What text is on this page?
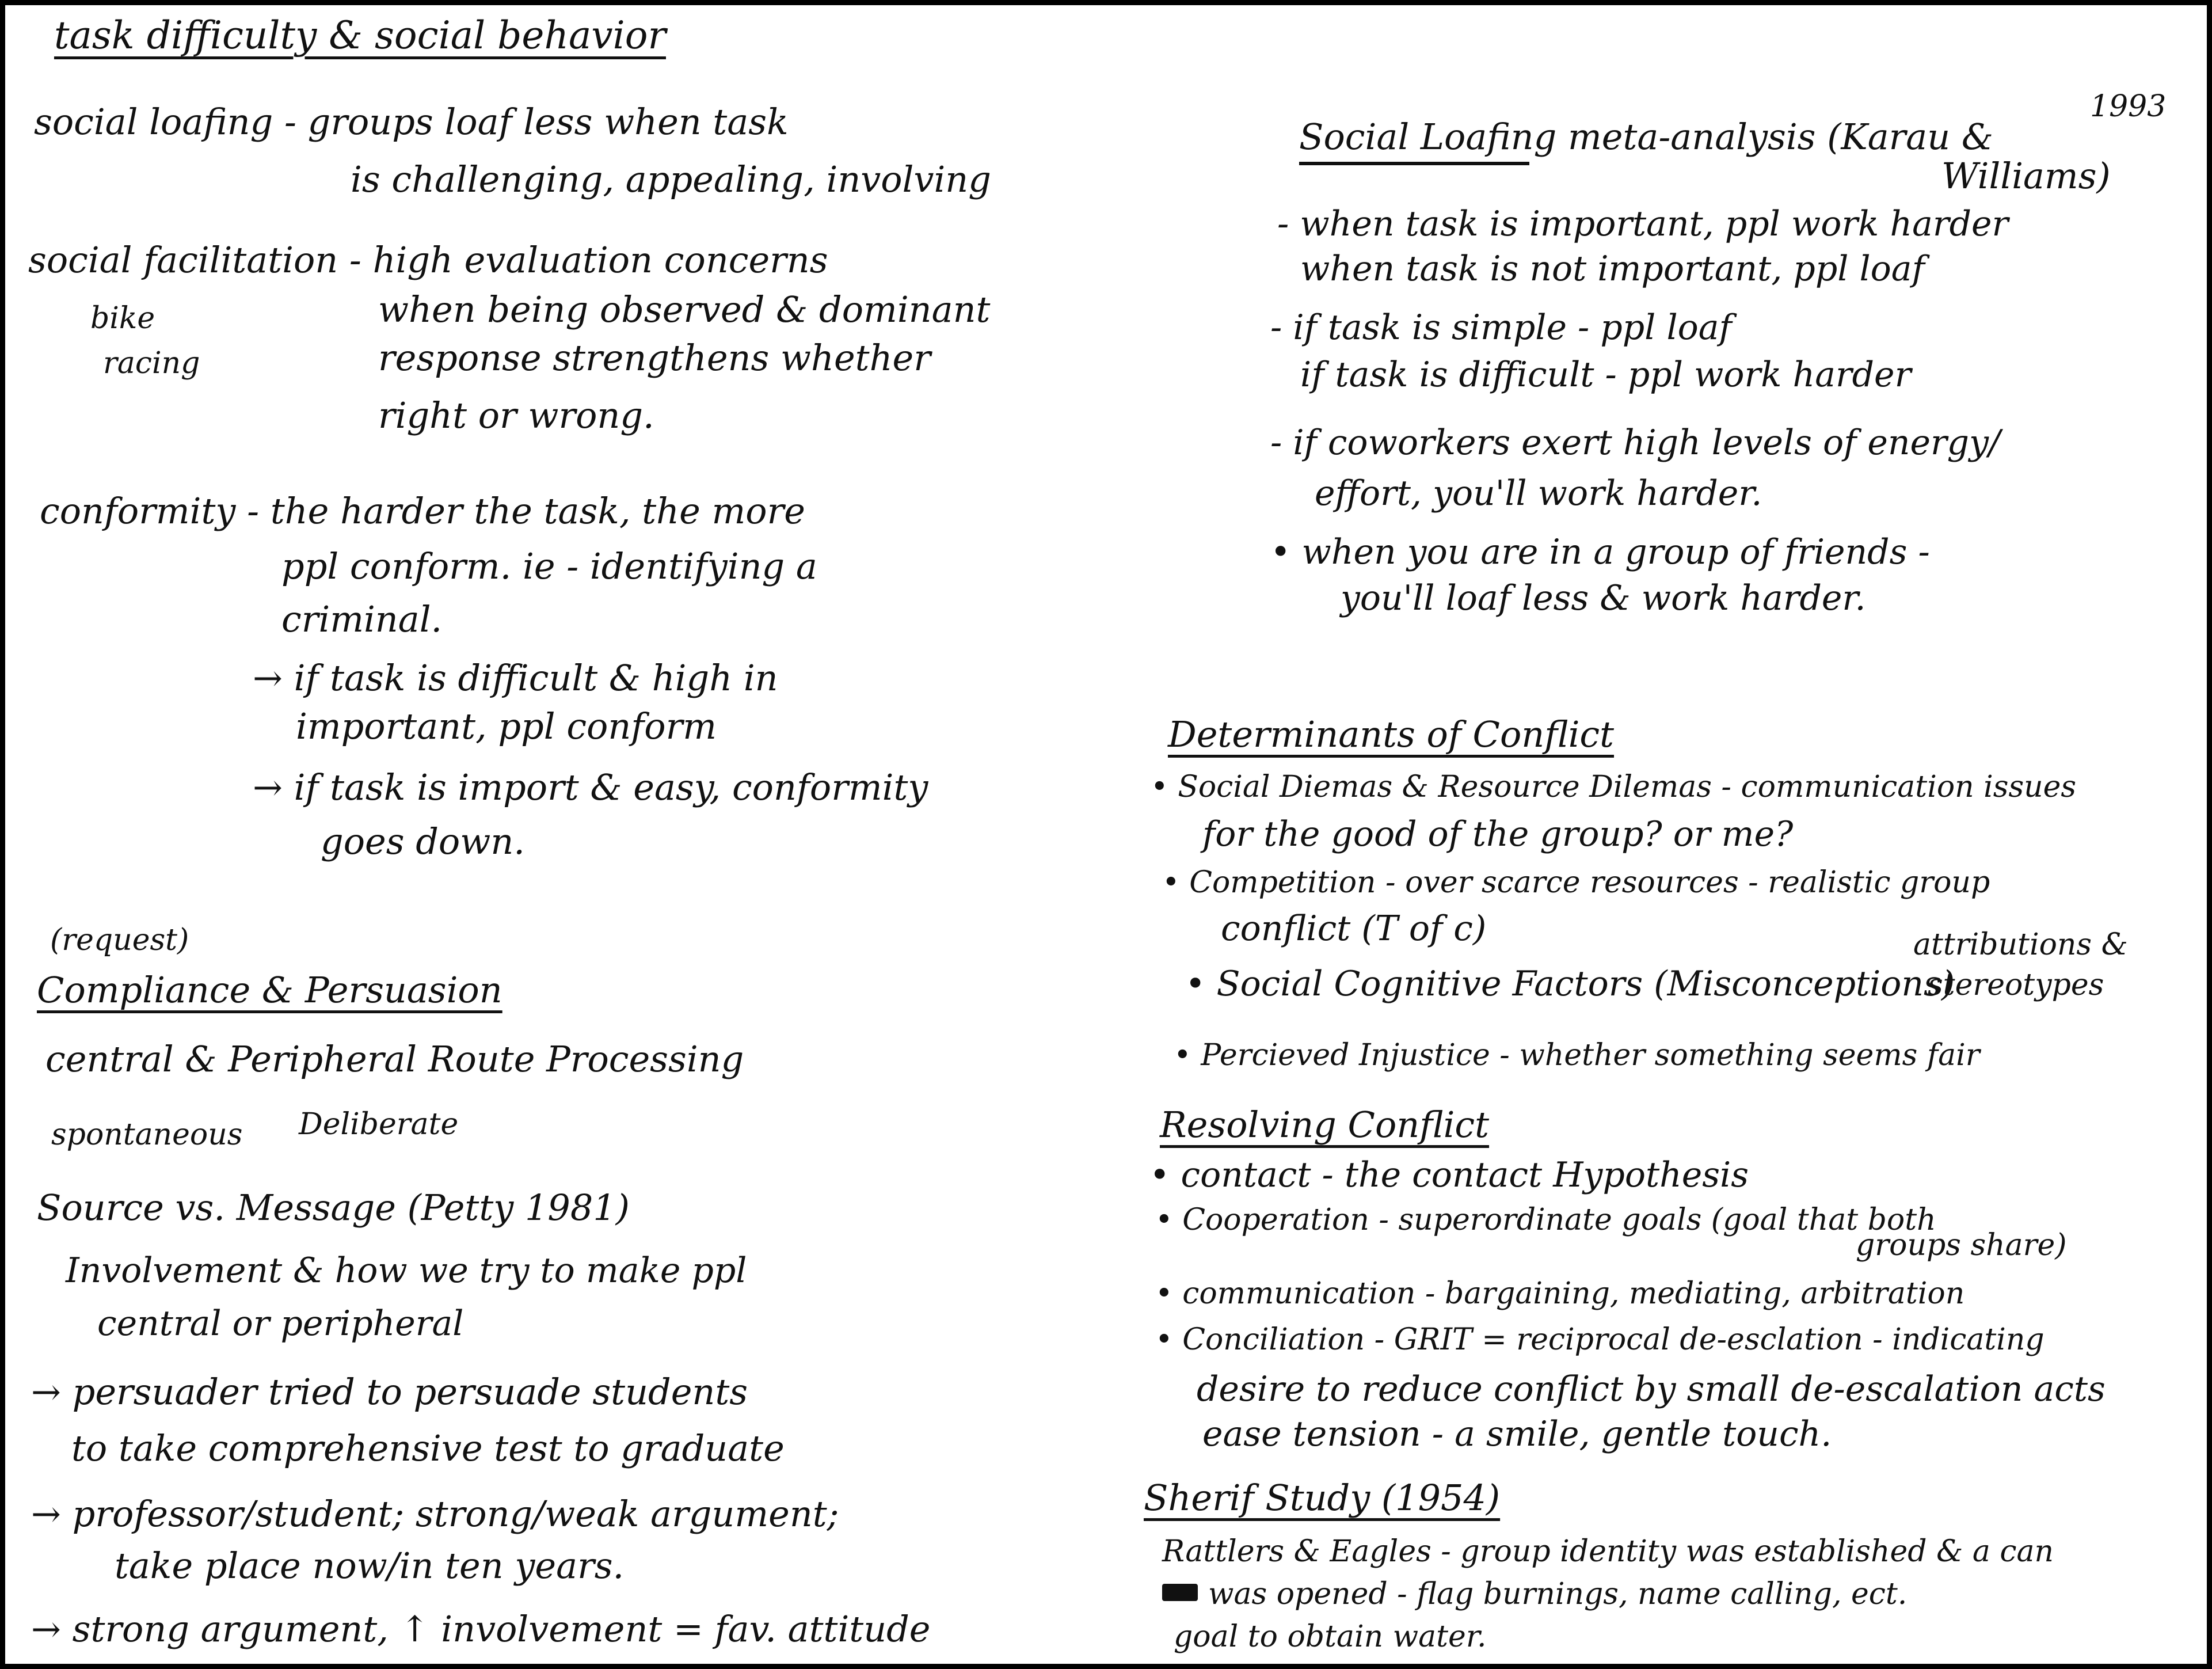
task difficulty & social behavior
social loafing - groups loaf less when task
is challenging, appealing, involving
social facilitation - high evaluation concerns
bike
racing
when being observed & dominant
response strengthens whether
right or wrong.
conformity - the harder the task, the more
ppl conform. ie - identifying a
criminal.
→ if task is difficult & high in
important, ppl conform
→ if task is import & easy, conformity
goes down.
(request)
Compliance & Persuasion
central & Peripheral Route Processing
spontaneous Deliberate
Source vs. Message (Petty 1981)
Involvement & how we try to make ppl
central or peripheral
→ persuader tried to persuade students
to take comprehensive test to graduate
→ professor/student; strong/weak argument;
take place now/in ten years.
→ strong argument, ↑ involvement = fav. attitude
1993
Social Loafing meta-analysis (Karau &
Williams)
- when task is important, ppl work harder
when task is not important, ppl loaf
- if task is simple - ppl loaf
if task is difficult - ppl work harder
- if coworkers exert high levels of energy/
effort, you'll work harder.
• when you are in a group of friends -
you'll loaf less & work harder.
Determinants of Conflict
• Social Diemas & Resource Dilemas - communication issues
for the good of the group? or me?
• Competition - over scarce resources - realistic group
conflict (T of c)
• Social Cognitive Factors (Misconceptions)
attributions &
stereotypes
• Percieved Injustice - whether something seems fair
Resolving Conflict
• contact - the contact Hypothesis
• Cooperation - superordinate goals (goal that both
groups share)
• communication - bargaining, mediating, arbitration
• Conciliation - GRIT = reciprocal de-esclation - indicating
desire to reduce conflict by small de-escalation acts
ease tension - a smile, gentle touch.
Sherif Study (1954)
Rattlers & Eagles - group identity was established & a can
was opened - flag burnings, name calling, ect.
goal to obtain water.
